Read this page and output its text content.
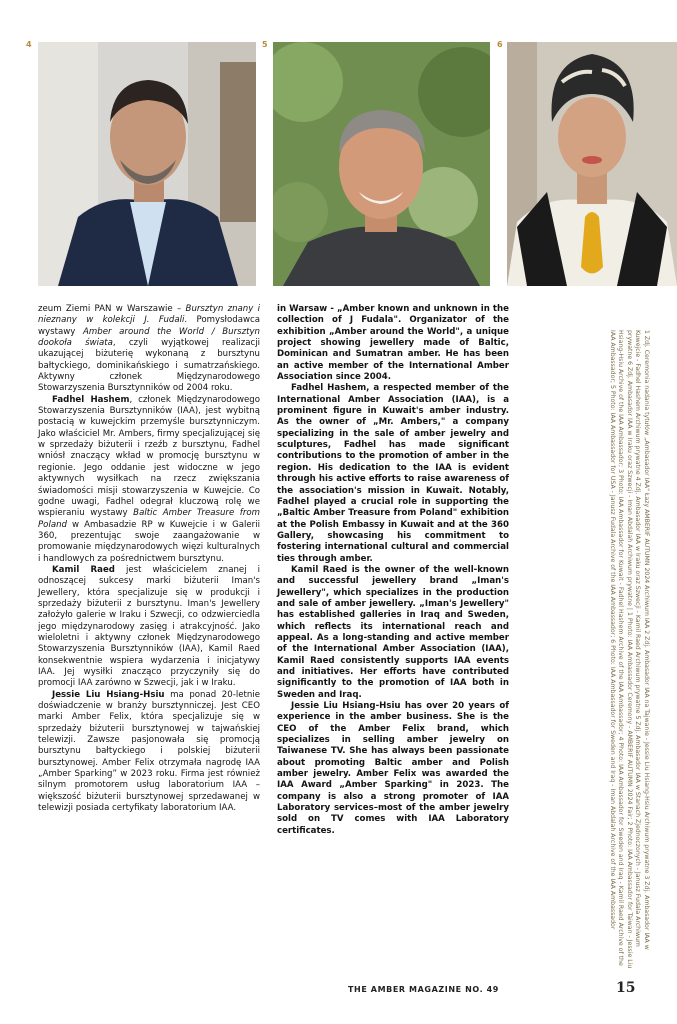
4	5	6

zeum Ziemi PAN w Warszawie – Bursztyn znany i nieznany w kolekcji J. Fudali. Pomysłodawca wystawy Amber around the World / Bursztyn dookoła świata, czyli wyjątkowej realizacji ukazującej biżuterię wykonaną z bursztynu bałtyckiego, dominikańskiego i sumatrzańskiego. Aktywny członek Międzynarodowego Stowarzyszenia Bursztynników od 2004 roku.

Fadhel Hashem, członek Międzynarodowego Stowarzyszenia Bursztynników (IAA), jest wybitną postacią w kuwejckim przemyśle bursztynniczym. Jako właściciel Mr. Ambers, firmy specjalizującej się w sprzedaży biżuterii i rzeźb z bursztynu, Fadhel wniósł znaczący wkład w promocję bursztynu w regionie. Jego oddanie jest widoczne w jego aktywnych wysiłkach na rzecz zwiększania świadomości misji stowarzyszenia w Kuwejcie. Co godne uwagi, Fadhel odegrał kluczową rolę we wspieraniu wystawy Baltic Amber Treasure from Poland w Ambasadzie RP w Kuwejcie i w Galerii 360, prezentując swoje zaangażowanie w promowanie międzynarodowych więzi kulturalnych i handlowych za pośrednictwem bursztynu.

Kamil Raed jest właścicielem znanej i odnoszącej sukcesy marki biżuterii Iman's Jewellery, która specjalizuje się w produkcji i sprzedaży biżuterii z bursztynu. Iman's Jewellery założyło galerie w Iraku i Szwecji, co odzwierciedla jego międzynarodowy zasięg i atrakcyjność. Jako wieloletni i aktywny członek Międzynarodowego Stowarzyszenia Bursztynników (IAA), Kamil Raed konsekwentnie wspiera wydarzenia i inicjatywy IAA. Jej wysiłki znacząco przyczyniły się do promocji IAA zarówno w Szwecji, jak i w Iraku.

Jessie Liu Hsiang-Hsiu ma ponad 20-letnie doświadczenie w branży bursztynniczej. Jest CEO marki Amber Felix, która specjalizuje się w sprzedaży biżuterii bursztynowej w tajwańskiej telewizji. Zawsze pasjonowała się promocją bursztynu bałtyckiego i polskiej biżuterii bursztynowej. Amber Felix otrzymała nagrodę IAA „Amber Sparking” w 2023 roku. Firma jest również silnym promotorem usług laboratorium IAA – większość biżuterii bursztynowej sprzedawanej w telewizji posiada certyfikaty laboratorium IAA.

in Warsaw - „Amber known and unknown in the collection of J Fudala". Organizator of the exhibition „Amber around the World", a unique project showing jewellery made of Baltic, Dominican and Sumatran amber. He has been an active member of the International Amber Association since 2004.

Fadhel Hashem, a respected member of the International Amber Association (IAA), is a prominent figure in Kuwait's amber industry. As the owner of „Mr. Ambers," a company specializing in the sale of amber jewelry and sculptures, Fadhel has made significant contributions to the promotion of amber in the region. His dedication to the IAA is evident through his active efforts to raise awareness of the association's mission in Kuwait. Notably, Fadhel played a crucial role in supporting the „Baltic Amber Treasure from Poland" exhibition at the Polish Embassy in Kuwait and at the 360 Gallery, showcasing his commitment to fostering international cultural and commercial ties through amber.

Kamil Raed is the owner of the well-known and successful jewellery brand „Iman's Jewellery", which specializes in the production and sale of amber jewellery. „Iman's Jewellery" has established galleries in Iraq and Sweden, which reflects its international reach and appeal. As a long-standing and active member of the International Amber Association (IAA), Kamil Raed consistently supports IAA events and initiatives. Her efforts have contributed significantly to the promotion of IAA both in Sweden and Iraq.

Jessie Liu Hsiang-Hsiu has over 20 years of experience in the amber business. She is the CEO of the Amber Felix brand, which specializes in selling amber jewelry on Taiwanese TV. She has always been passionate about promoting Baltic amber and Polish amber jewelry. Amber Felix was awarded the IAA Award „Amber Sparking" in 2023. The company is also a strong promoter of IAA Laboratory services–most of the amber jewelry sold on TV comes with IAA Laboratory certificates.	1 Zdj. Ceremonia nadania tytułów „Ambasador IAA" Łazy AMBERIF AUTUMN 2024 Archiwum IAA 2 Zdj. Ambasador IAA na Tajwanie - Jessie Liu Hsiang-Hsiu Archiwum prywatne 3 Zdj. Ambasador IAA w Kuwejcie - Fadhel Hashem Archiwum prywatne 4 Zdj. Ambasador IAA w Iraku oraz Szwecji - Kamil Raed Archiwum prywatne 5 Zdj. Ambasador IAA w Stanach Zjednoczonych - Janusz Fudala Archiwum prywatne 6 Zdj. Ambasador IAA w Iraku oraz Szwecji - Iman Abdalah Archiwum prywatne | 1 Photo: IAA Ambassador Ceremony - AMBERIF AUTUMN 2024 Fair; 2 Photo: IAA Ambassador for Taiwan - Jessie Liu Hsiang-Hsiu Archive of the IAA Ambassador; 3 Photo: IAA Ambassador for Kuwait - Fadhel Hashem Archive of the IAA Ambassador; 4 Photo: IAA Ambassador for Sweden and Iraq - Kamil Raed Archive of the IAA Ambassador; 5 Photo: IAA Ambassador for USA - Janusz Fudala Archive of the IAA Ambassador; 6 Photo: IAA Ambassador for Sweden and Iraq - Iman Abdalah Archive of the IAA Ambassador
THE AMBER MAGAZINE NO. 49	15
